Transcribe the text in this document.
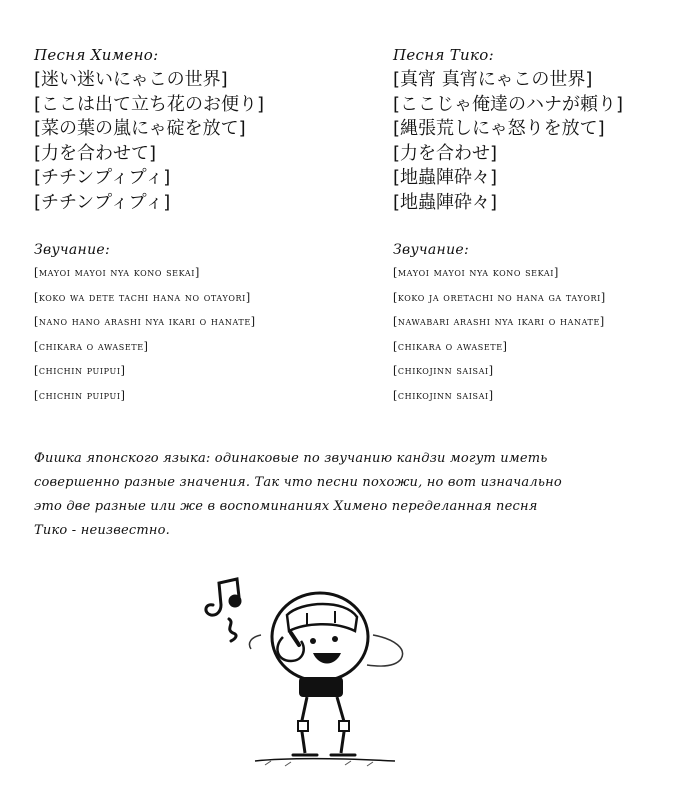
Песня Химено:
[迷い迷いにゃこの世界]
[ここは出て立ち花のお便り]
[菜の葉の嵐にゃ碇を放て]
[力を合わせて]
[チチンプィプィ]
[チチンプィプィ]
Звучание:
[mayoi mayoi nya kono sekai]
[koko wa dete tachi hana no otayori]
[nano hano arashi nya ikari o hanate]
[chikara o awasete]
[chichin puipui]
[chichin puipui]
Песня Тико:
[真宵 真宵にゃこの世界]
[ここじゃ俺達のハナが頼り]
[縄張荒しにゃ怒りを放て]
[力を合わせ]
[地蟲陣砕々]
[地蟲陣砕々]
Звучание:
[mayoi mayoi nya kono sekai]
[koko ja oretachi no hana ga tayori]
[nawabari arashi nya ikari o hanate]
[chikara o awasete]
[chikojinn saisai]
[chikojinn saisai]

Фишка японского языка: одинаковые по звучанию кандзи могут иметь

совершенно разные значения. Так что песни похожи, но вот изначально

это две разные или же в воспоминаниях Химено переделанная песня

Тико - неизвестно.
